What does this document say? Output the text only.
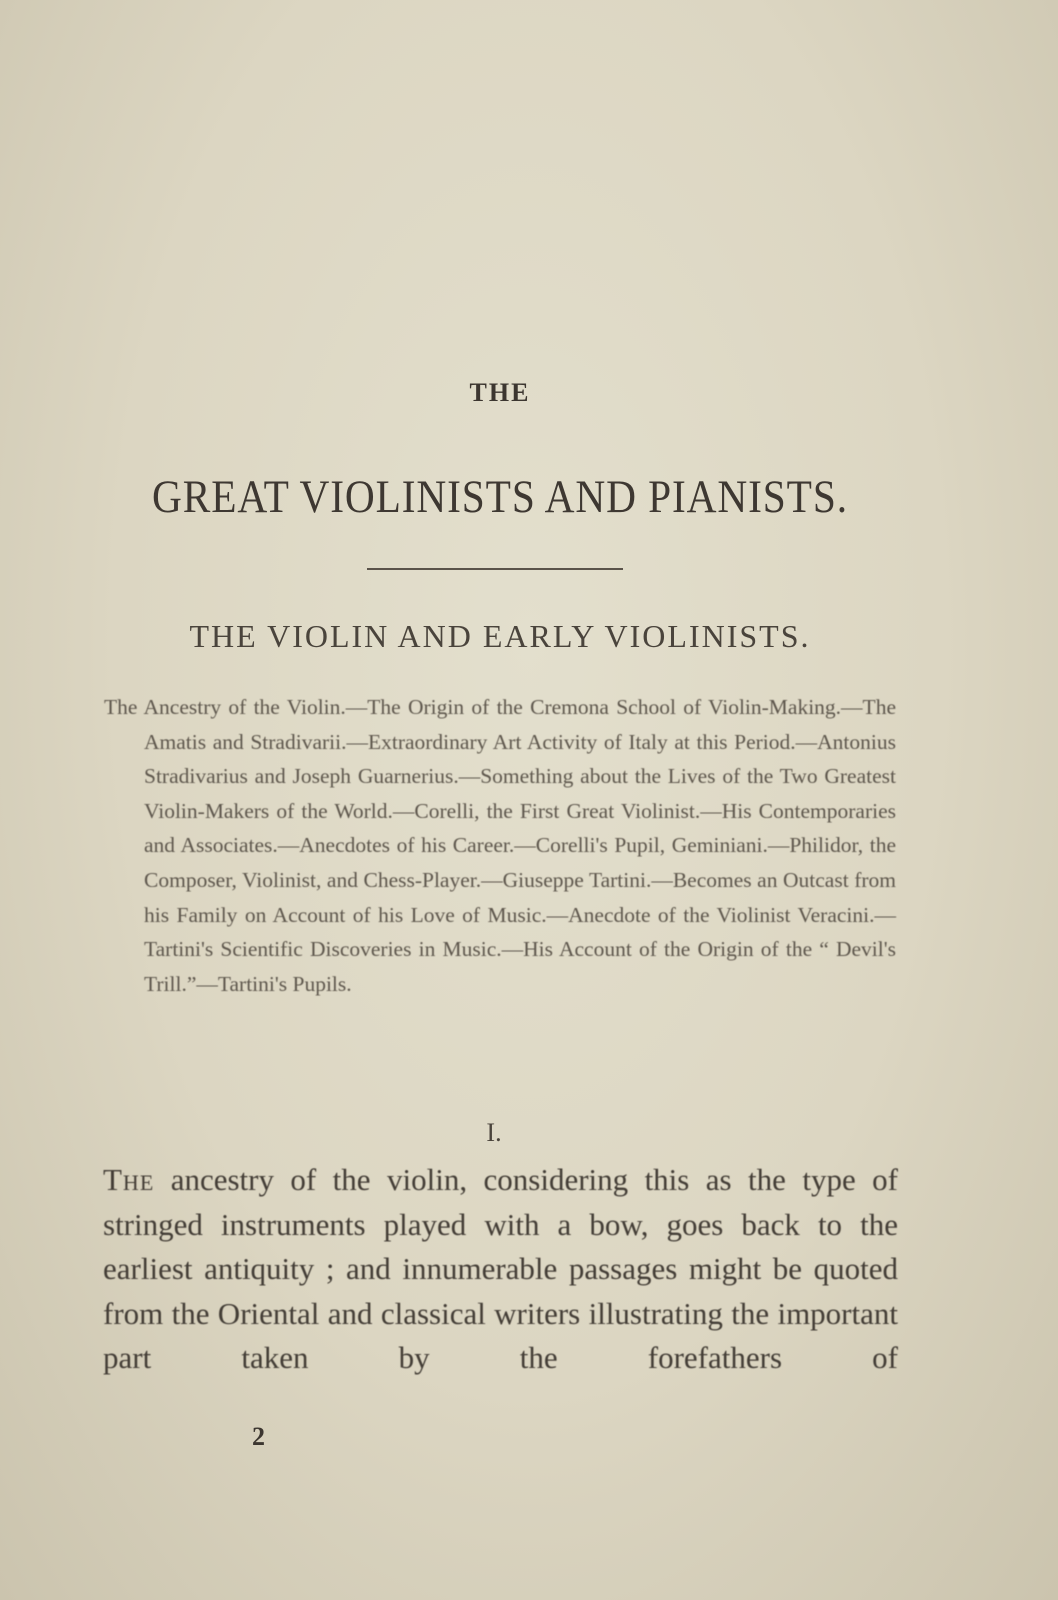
THE
GREAT VIOLINISTS AND PIANISTS.
THE VIOLIN AND EARLY VIOLINISTS.

The Ancestry of the Violin.—The Origin of the Cremona School of Violin-Making.—The Amatis and Stradivarii.—Extraordinary Art Activity of Italy at this Period.—Antonius Stradivarius and Joseph Guarnerius.—Something about the Lives of the Two Greatest Violin-Makers of the World.—Corelli, the First Great Violinist.—His Contemporaries and Associates.—Anecdotes of his Career.—Corelli's Pupil, Geminiani.—Philidor, the Composer, Violinist, and Chess-Player.—Giuseppe Tartini.—Becomes an Outcast from his Family on Account of his Love of Music.—Anecdote of the Violinist Veracini.—Tartini's Scientific Discoveries in Music.—His Account of the Origin of the “ Devil's Trill.”—Tartini's Pupils.

I.

The ancestry of the violin, considering this as the type of stringed instruments played with a bow, goes back to the earliest antiquity ; and innumerable passages might be quoted from the Oriental and classical writers illustrating the important part taken by the forefathers of

2
